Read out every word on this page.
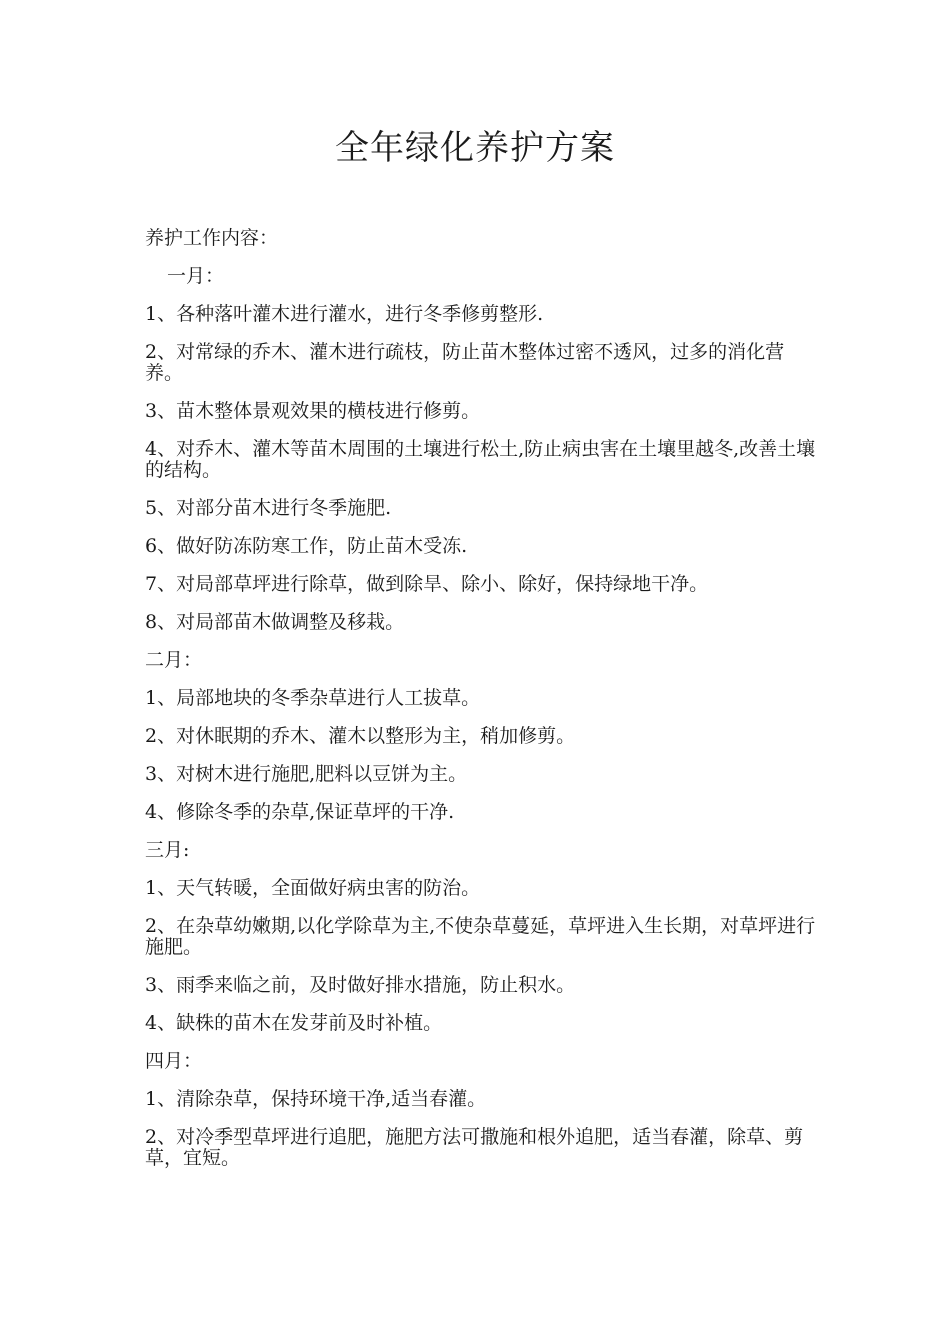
全年绿化养护方案

养护工作内容：

一月：

1、各种落叶灌木进行灌水，进行冬季修剪整形.

2、对常绿的乔木、灌木进行疏枝，防止苗木整体过密不透风，过多的消化营养。

3、苗木整体景观效果的横枝进行修剪。

4、对乔木、灌木等苗木周围的土壤进行松土,防止病虫害在土壤里越冬,改善土壤的结构。

5、对部分苗木进行冬季施肥.

6、做好防冻防寒工作，防止苗木受冻.

7、对局部草坪进行除草，做到除旱、除小、除好，保持绿地干净。

8、对局部苗木做调整及移栽。

二月：

1、局部地块的冬季杂草进行人工拔草。

2、对休眠期的乔木、灌木以整形为主，稍加修剪。

3、对树木进行施肥,肥料以豆饼为主。

4、修除冬季的杂草,保证草坪的干净.

三月:

1、天气转暖，全面做好病虫害的防治。

2、在杂草幼嫩期,以化学除草为主,不使杂草蔓延，草坪进入生长期，对草坪进行施肥。

3、雨季来临之前，及时做好排水措施，防止积水。

4、缺株的苗木在发芽前及时补植。

四月：

1、清除杂草，保持环境干净,适当春灌。

2、对冷季型草坪进行追肥，施肥方法可撒施和根外追肥，适当春灌，除草、剪草，宜短。
